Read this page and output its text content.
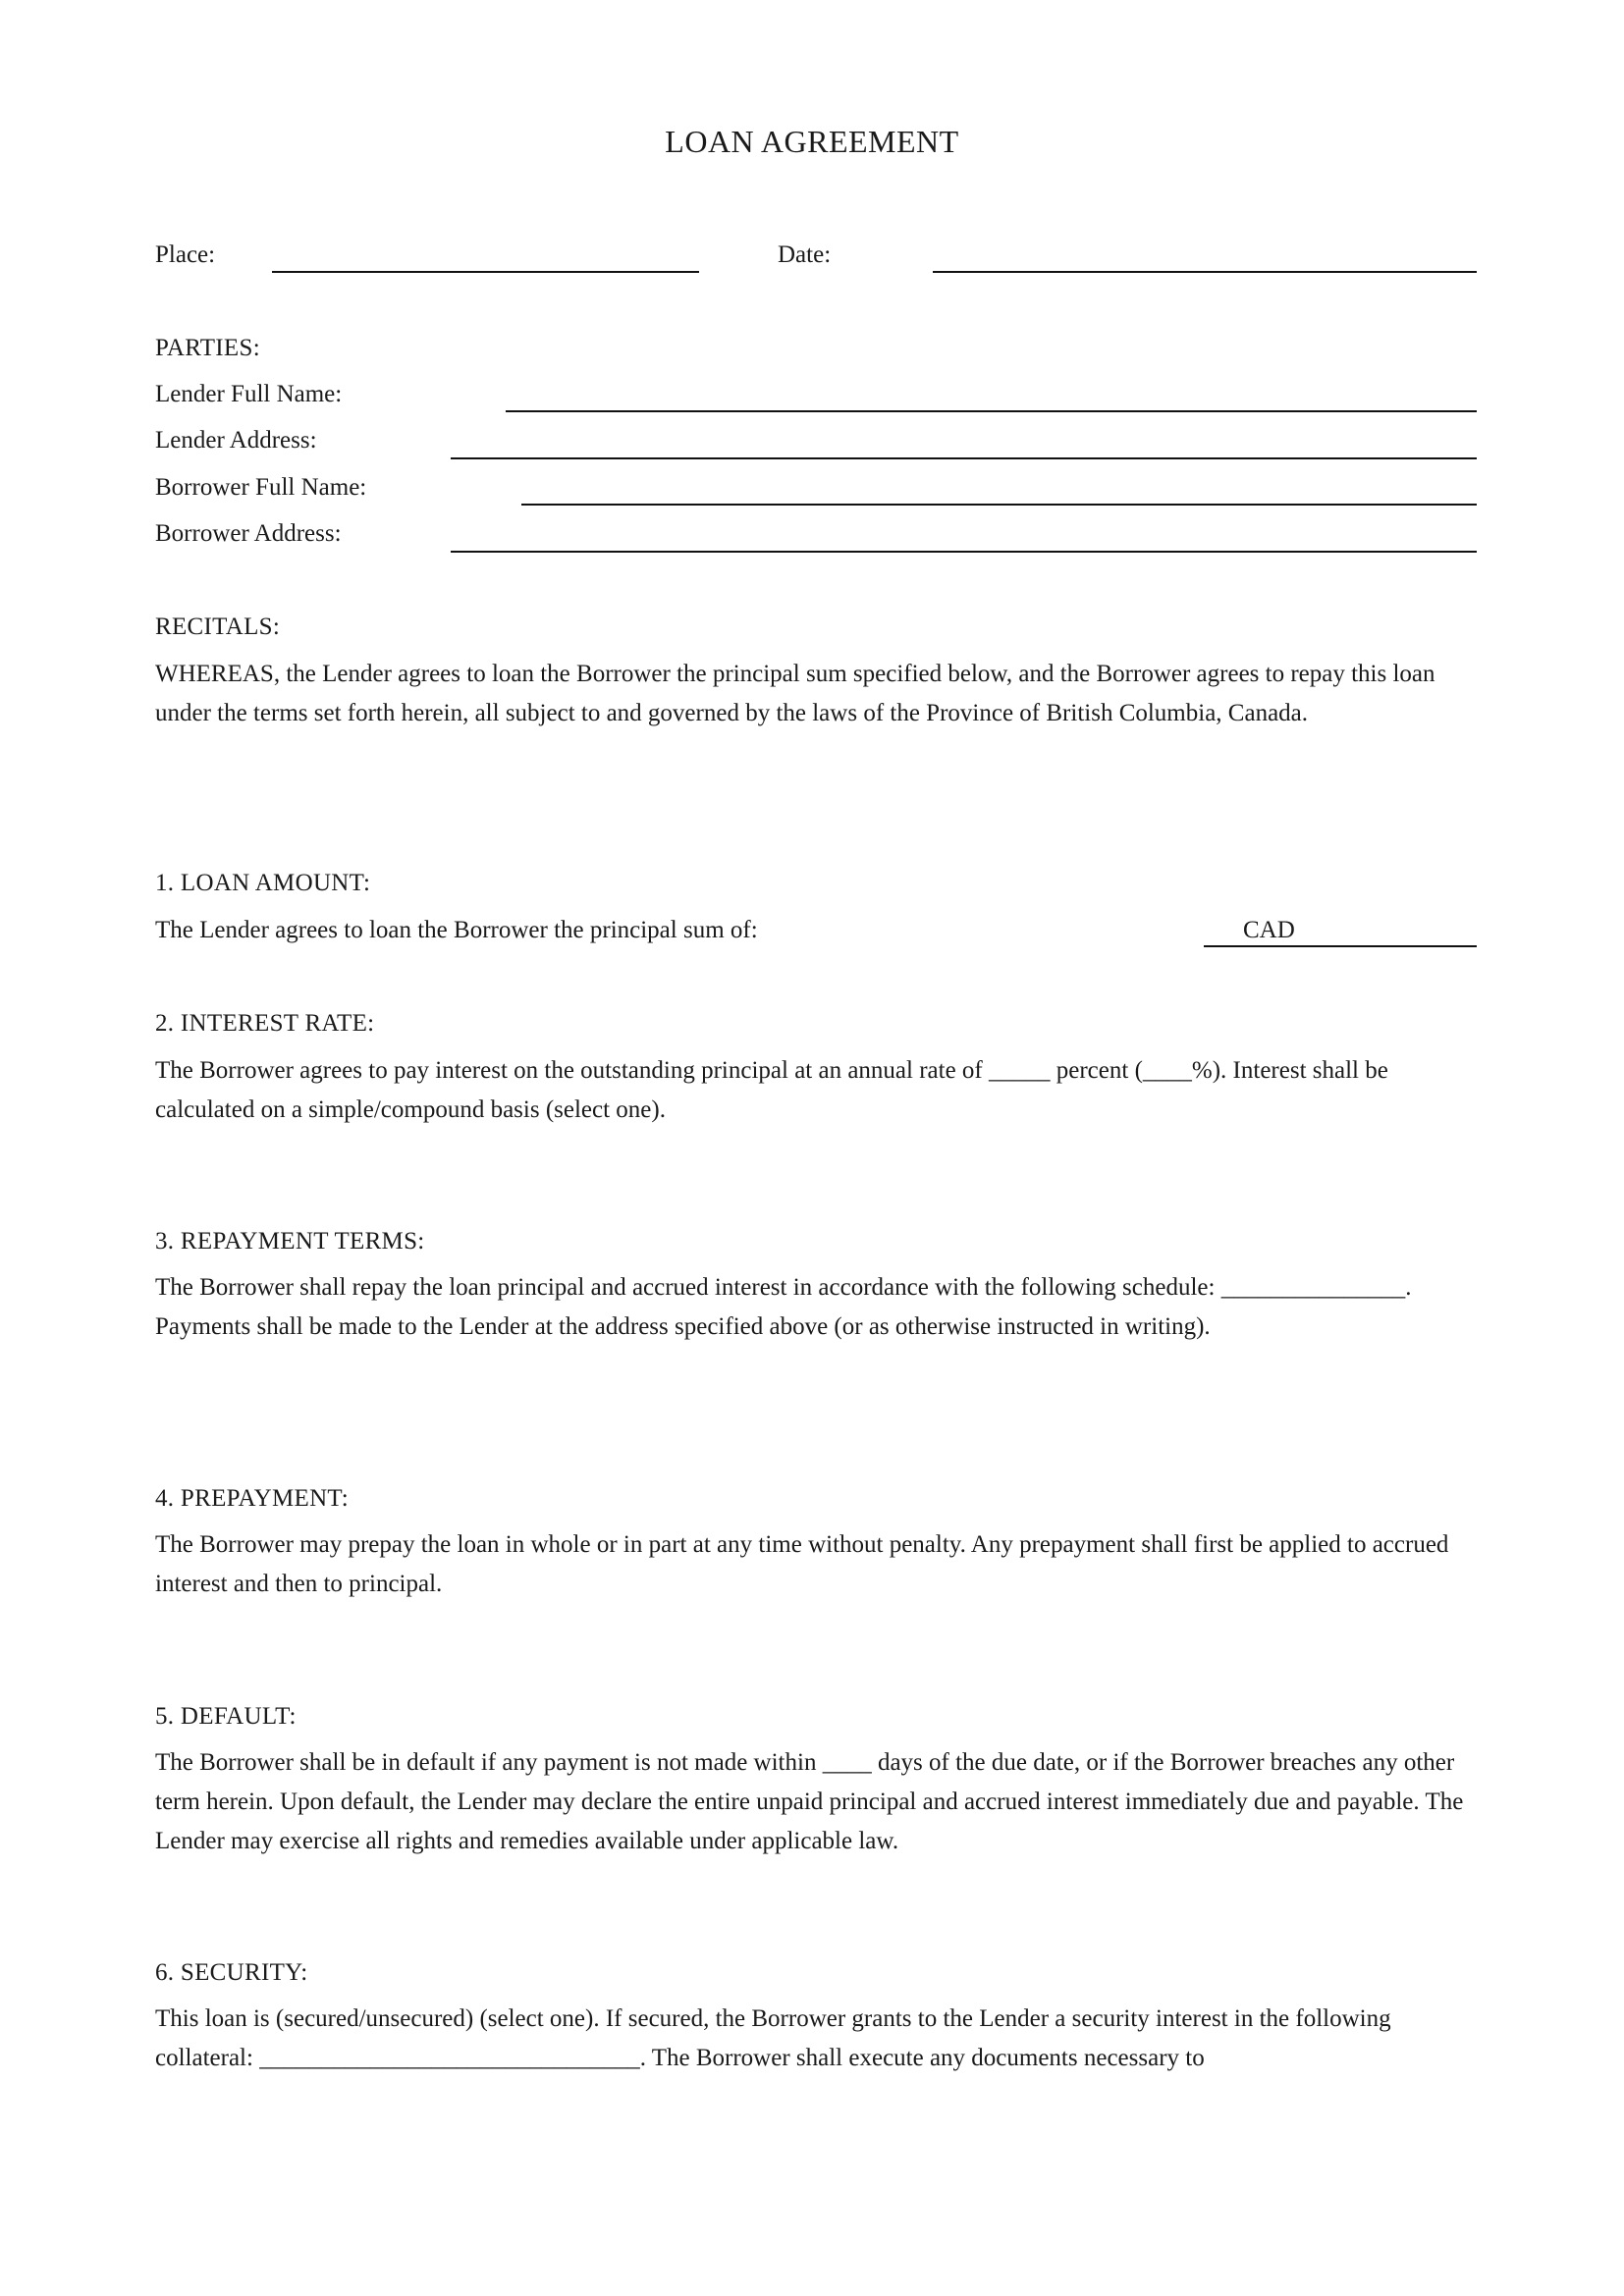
LOAN AGREEMENT
Place:	Date:
PARTIES:
Lender Full Name:
Lender Address:
Borrower Full Name:
Borrower Address:
RECITALS:
WHEREAS, the Lender agrees to loan the Borrower the principal sum specified below, and the Borrower agrees to repay this loan under the terms set forth herein, all subject to and governed by the laws of the Province of British Columbia, Canada.
1. LOAN AMOUNT:
The Lender agrees to loan the Borrower the principal sum of:	CAD
2. INTEREST RATE:
The Borrower agrees to pay interest on the outstanding principal at an annual rate of _____ percent (____%). Interest shall be calculated on a simple/compound basis (select one).
3. REPAYMENT TERMS:
The Borrower shall repay the loan principal and accrued interest in accordance with the following schedule: _______________. Payments shall be made to the Lender at the address specified above (or as otherwise instructed in writing).
4. PREPAYMENT:
The Borrower may prepay the loan in whole or in part at any time without penalty. Any prepayment shall first be applied to accrued interest and then to principal.
5. DEFAULT:
The Borrower shall be in default if any payment is not made within ____ days of the due date, or if the Borrower breaches any other term herein. Upon default, the Lender may declare the entire unpaid principal and accrued interest immediately due and payable. The Lender may exercise all rights and remedies available under applicable law.
6. SECURITY:
This loan is (secured/unsecured) (select one). If secured, the Borrower grants to the Lender a security interest in the following collateral: _______________________________. The Borrower shall execute any documents necessary to
